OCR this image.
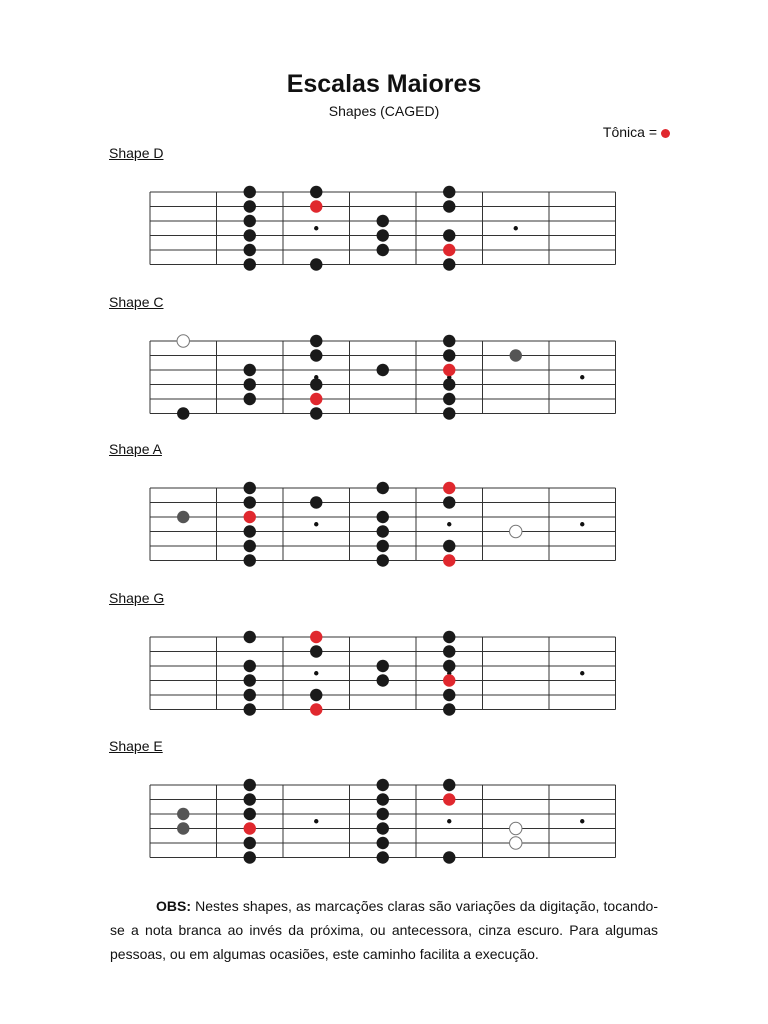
Escalas Maiores

Shapes (CAGED)

Tônica =
Shape D
Shape C
Shape A
Shape G
Shape E

OBS: Nestes shapes, as marcações claras são variações da digitação, tocando-se a nota branca ao invés da próxima, ou antecessora, cinza escuro. Para algumas pessoas, ou em algumas ocasiões, este caminho facilita a execução.
